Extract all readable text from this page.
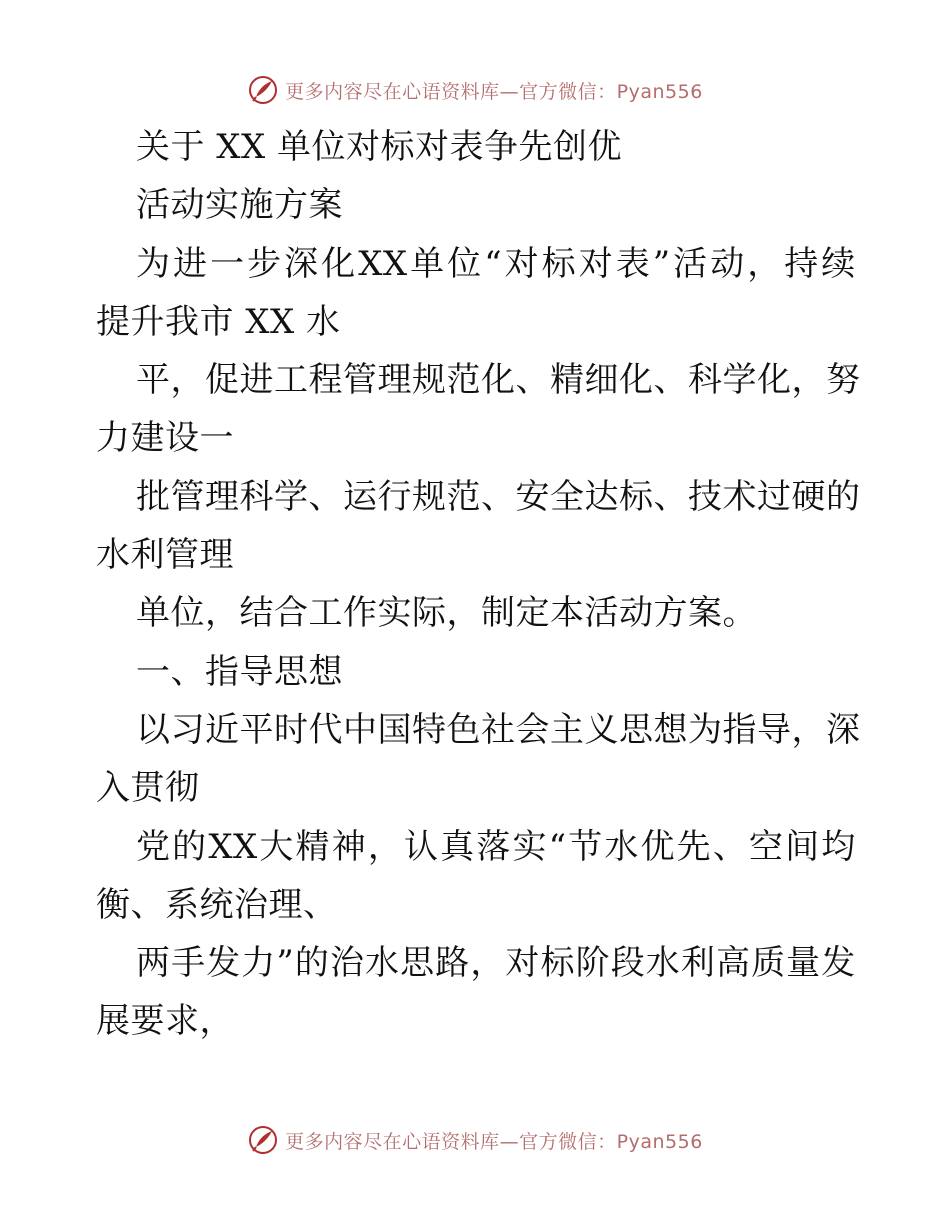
更多内容尽在心语资料库—官方微信：Pyan556
关于 XX 单位对标对表争先创优
活动实施方案
为 进 一 步 深 化 XX 单 位 “ 对 标 对 表 ” 活 动 ， 持 续
提升我市 XX 水
平 ， 促 进 工 程 管 理 规 范 化 、 精 细 化 、 科 学 化 ， 努
力建设一
批 管 理 科 学 、 运 行 规 范 、 安 全 达 标 、 技 术 过 硬 的
水利管理
单位，结合工作实际，制定本活动方案。
一、指导思想
以 习 近 平 时 代 中 国 特 色 社 会 主 义 思 想 为 指 导 ， 深
入贯彻
党 的 XX 大 精 神 ， 认 真 落 实 “ 节 水 优 先 、 空 间 均
衡、系统治理、
两 手 发 力 ” 的 治 水 思 路 ， 对 标 阶 段 水 利 高 质 量 发
展要求，
更多内容尽在心语资料库—官方微信：Pyan556
